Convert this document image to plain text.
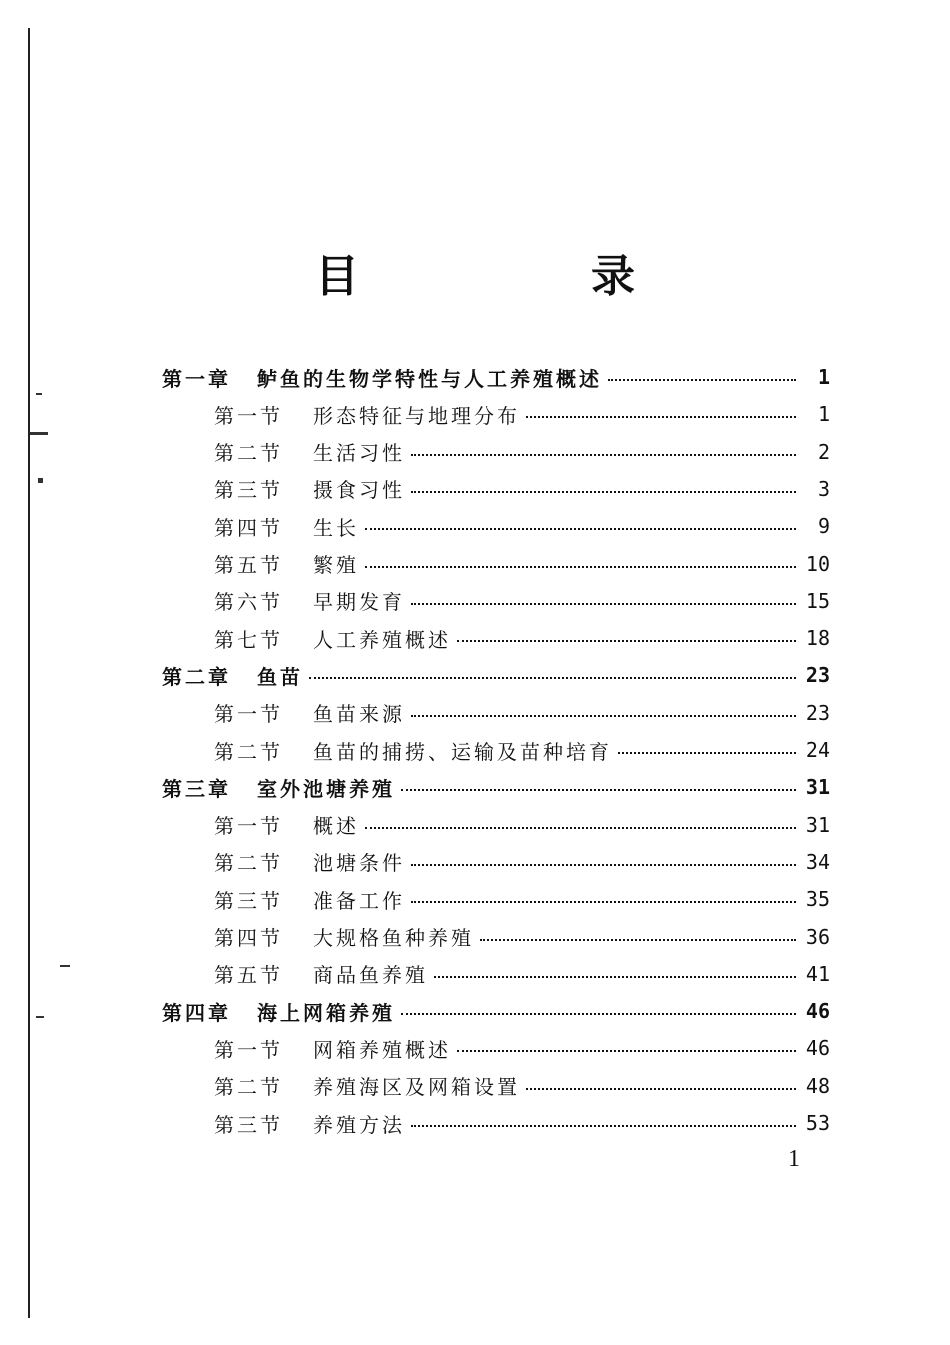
目　录
第一章 鲈鱼的生物学特性与人工养殖概述	1
第一节 形态特征与地理分布	1
第二节 生活习性	2
第三节 摄食习性	3
第四节 生长	9
第五节 繁殖	10
第六节 早期发育	15
第七节 人工养殖概述	18
第二章 鱼苗	23
第一节 鱼苗来源	23
第二节 鱼苗的捕捞、运输及苗种培育	24
第三章 室外池塘养殖	31
第一节 概述	31
第二节 池塘条件	34
第三节 准备工作	35
第四节 大规格鱼种养殖	36
第五节 商品鱼养殖	41
第四章 海上网箱养殖	46
第一节 网箱养殖概述	46
第二节 养殖海区及网箱设置	48
第三节 养殖方法	53
1
